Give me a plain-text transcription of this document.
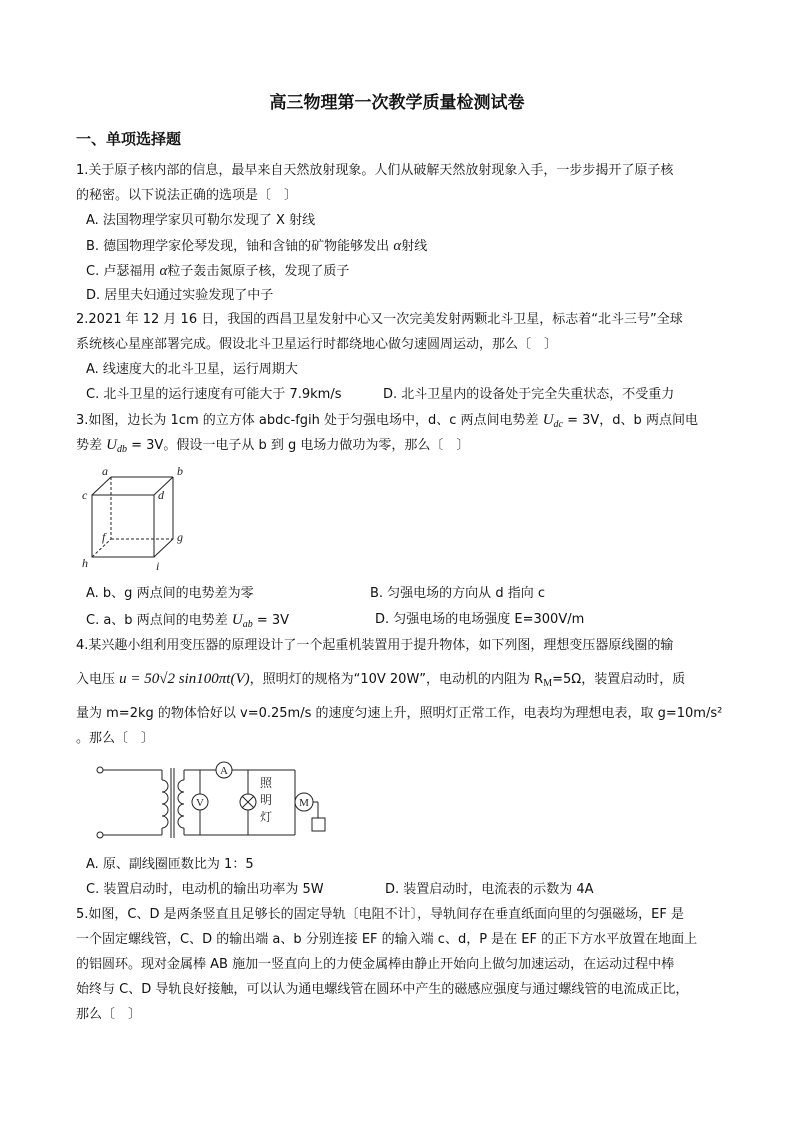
高三物理第一次教学质量检测试卷
一、单项选择题
1.关于原子核内部的信息，最早来自天然放射现象。人们从破解天然放射现象入手，一步步揭开了原子核
的秘密。以下说法正确的选项是〔　〕
A. 法国物理学家贝可勒尔发现了 X 射线
B. 德国物理学家伦琴发现，铀和含铀的矿物能够发出 α射线
C. 卢瑟福用 α粒子轰击氮原子核，发现了质子
D. 居里夫妇通过实验发现了中子
2.2021 年 12 月 16 日，我国的西昌卫星发射中心又一次完美发射两颗北斗卫星，标志着“北斗三号”全球
系统核心星座部署完成。假设北斗卫星运行时都绕地心做匀速圆周运动，那么〔　〕
A. 线速度大的北斗卫星，运行周期大
C. 北斗卫星的运行速度有可能大于 7.9km/s	D. 北斗卫星内的设备处于完全失重状态，不受重力
3.如图，边长为 1cm 的立方体 abdc-fgih 处于匀强电场中，d、c 两点间电势差 $U_{dc} = 3V$，d、b 两点间电
势差 $U_{db} = 3V$。假设一电子从 b 到 g 电场力做功为零，那么〔　〕
a	b
c	d
f	g
h	i
A. b、g 两点间的电势差为零	B. 匀强电场的方向从 d 指向 c
C. a、b 两点间的电势差 $U_{ab} = 3V$	D. 匀强电场的电场强度 E=300V/m
4.某兴趣小组利用变压器的原理设计了一个起重机装置用于提升物体，如下列图，理想变压器原线圈的输
入电压 u = 50√2 sin100πt(V)，照明灯的规格为“10V 20W”，电动机的内阻为 $R_M=5\Omega$，装置启动时，质
量为 m=2kg 的物体恰好以 v=0.25m/s 的速度匀速上升，照明灯正常工作，电表均为理想电表，取 g=10m/s²
。那么〔　〕
A
V	M
照
明
灯
A. 原、副线圈匝数比为 1：5
C. 装置启动时，电动机的输出功率为 5W	D. 装置启动时，电流表的示数为 4A
5.如图，C、D 是两条竖直且足够长的固定导轨〔电阻不计〕，导轨间存在垂直纸面向里的匀强磁场，EF 是
一个固定螺线管，C、D 的输出端 a、b 分别连接 EF 的输入端 c、d，P 是在 EF 的正下方水平放置在地面上
的铝圆环。现对金属棒 AB 施加一竖直向上的力使金属棒由静止开始向上做匀加速运动，在运动过程中棒
始终与 C、D 导轨良好接触，可以认为通电螺线管在圆环中产生的磁感应强度与通过螺线管的电流成正比，
那么〔　〕
